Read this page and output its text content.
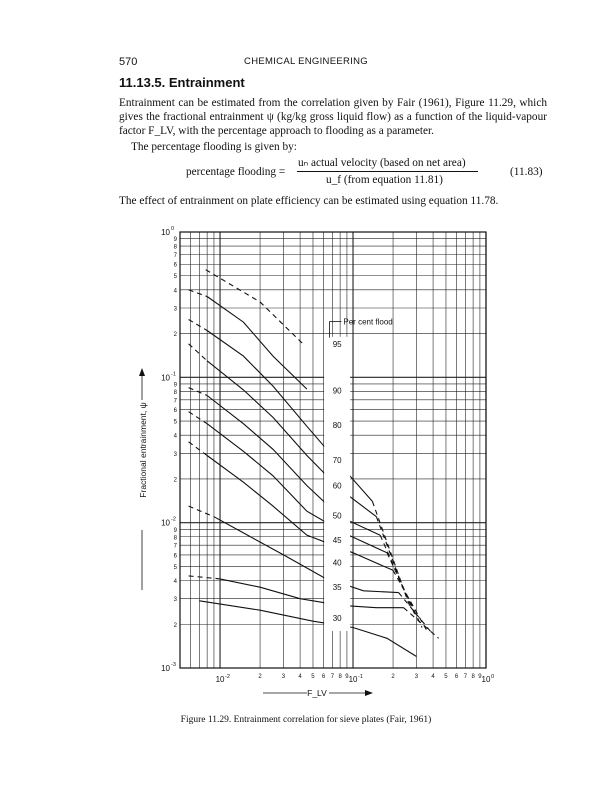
570	CHEMICAL ENGINEERING
11.13.5. Entrainment

Entrainment can be estimated from the correlation given by Fair (1961), Figure 11.29, which gives the fractional entrainment ψ (kg/kg gross liquid flow) as a function of the liquid-vapour factor F_LV, with the percentage approach to flooding as a parameter.

The percentage flooding is given by:
percentage flooding =
uₙ actual velocity (based on net area)
u_f (from equation 11.81)
(11.83)
The effect of entrainment on plate efficiency can be estimated using equation 11.78.
95
90
80
70
60
50
45
40
35
30
Per cent flood
10 0
10 -1
10 -2
10 -3
2
3
4
5
6
7
8
9
2
3
4
5
6
7
8
9
2
3
4
5
6
7
8
9
10 -2	10 -1	10 0
2	3 4 5 6 7 8 9	2	3 4 5 6 7 8 9
Fractional entrainment, ψ
F_LV
Figure 11.29. Entrainment correlation for sieve plates (Fair, 1961)
